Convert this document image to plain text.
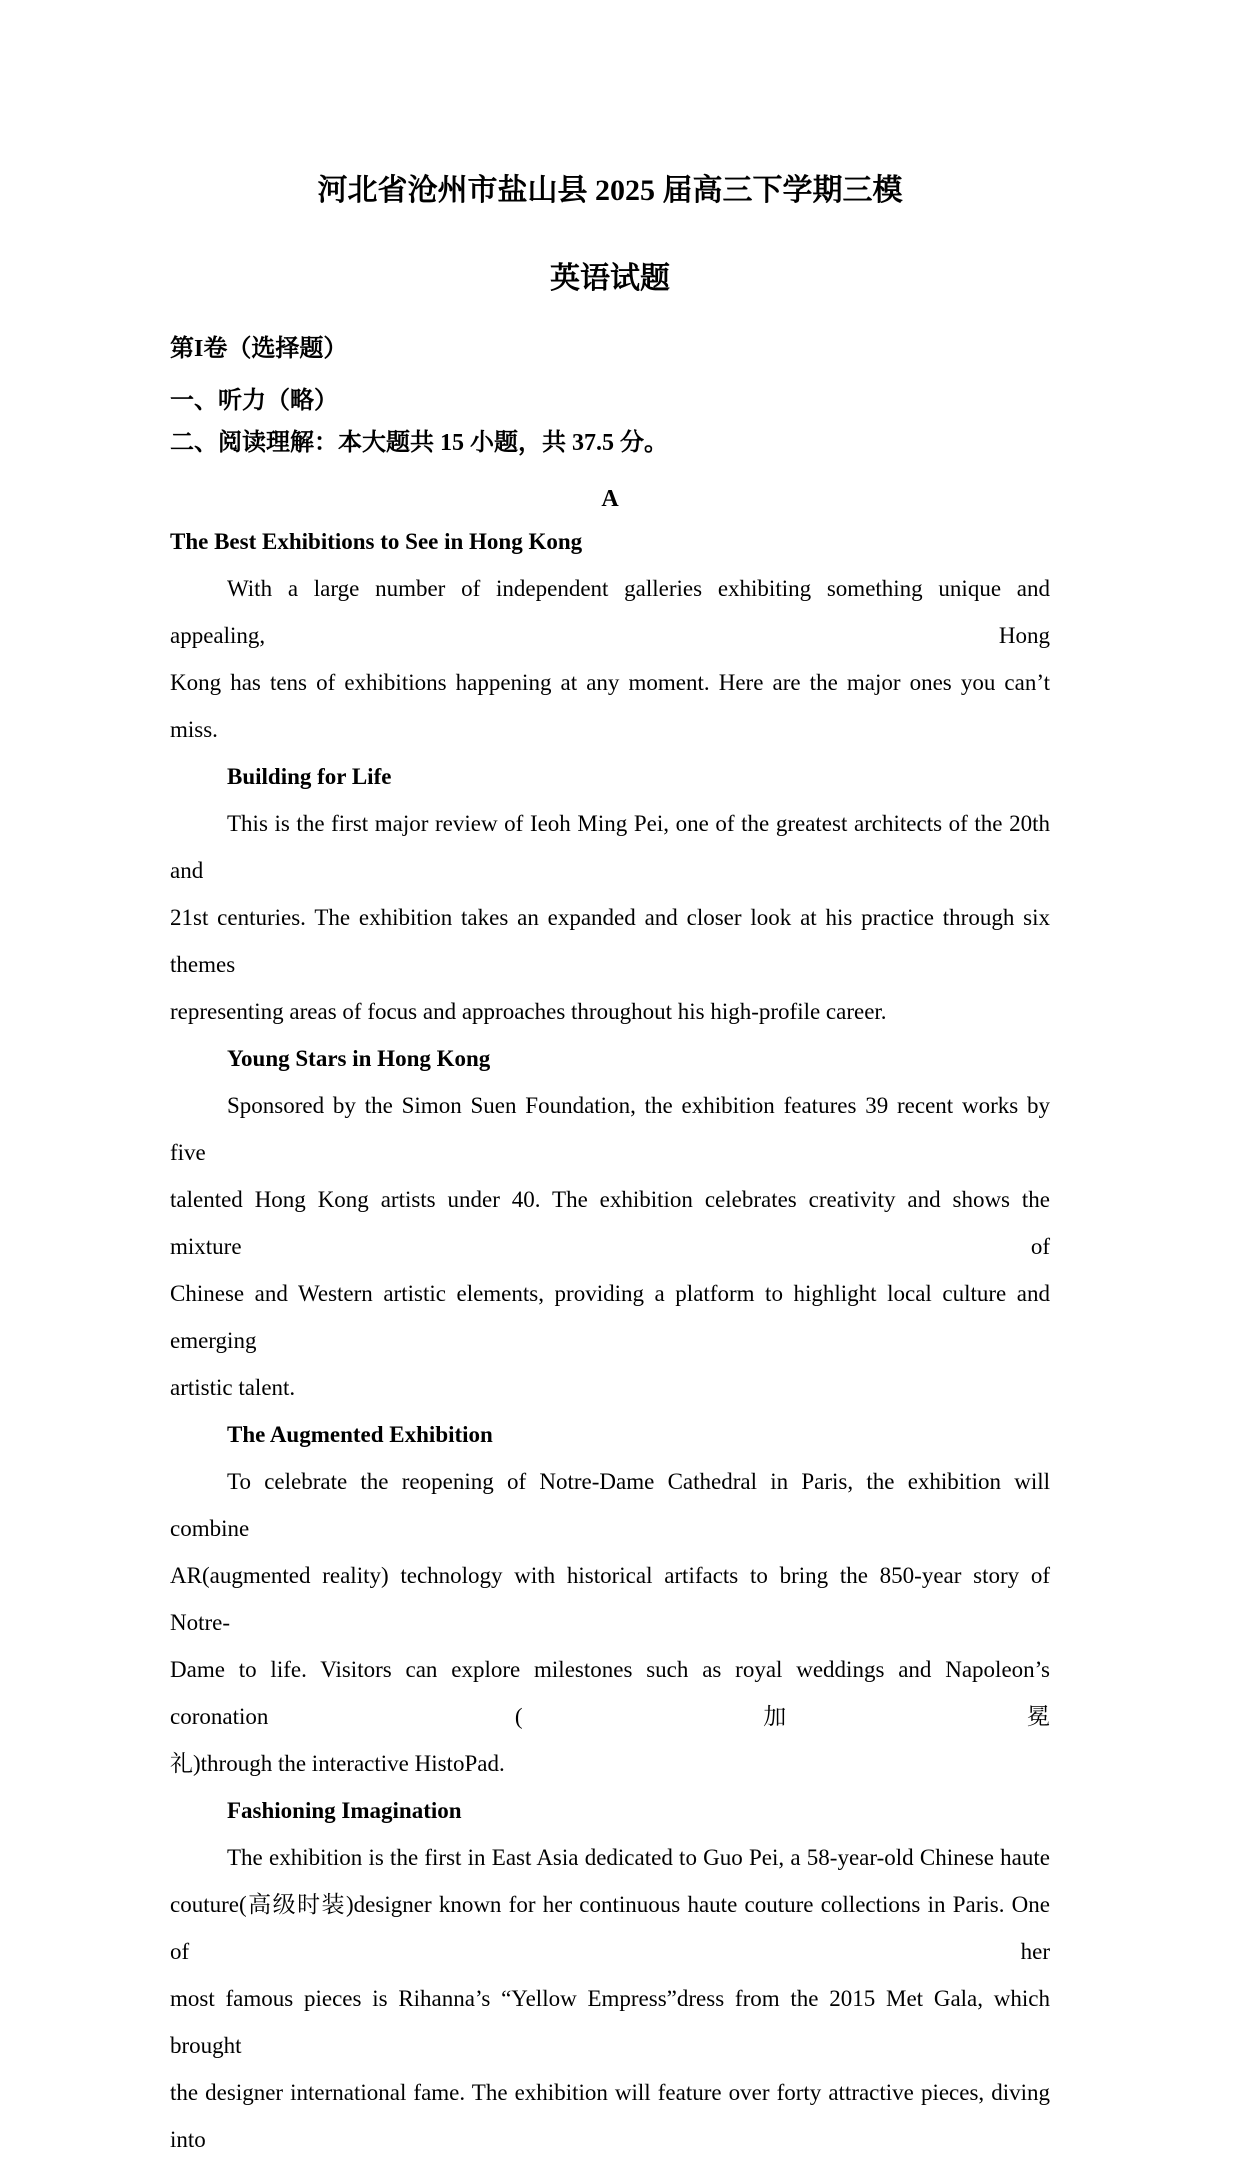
河北省沧州市盐山县 2025 届高三下学期三模
英语试题
第I卷（选择题）
一、听力（略）
二、阅读理解：本大题共 15 小题，共 37.5 分。
A
The Best Exhibitions to See in Hong Kong
With a large number of independent galleries exhibiting something unique and appealing, Hong
Kong has tens of exhibitions happening at any moment. Here are the major ones you can’t miss.
Building for Life
This is the first major review of Ieoh Ming Pei, one of the greatest architects of the 20th and
21st centuries. The exhibition takes an expanded and closer look at his practice through six themes
representing areas of focus and approaches throughout his high-profile career.
Young Stars in Hong Kong
Sponsored by the Simon Suen Foundation, the exhibition features 39 recent works by five
talented Hong Kong artists under 40. The exhibition celebrates creativity and shows the mixture of
Chinese and Western artistic elements, providing a platform to highlight local culture and emerging
artistic talent.
The Augmented Exhibition
To celebrate the reopening of Notre-Dame Cathedral in Paris, the exhibition will combine
AR(augmented reality) technology with historical artifacts to bring the 850-year story of Notre-
Dame to life. Visitors can explore milestones such as royal weddings and Napoleon’s coronation (加冕
礼)through the interactive HistoPad.
Fashioning Imagination
The exhibition is the first in East Asia dedicated to Guo Pei, a 58-year-old Chinese haute
couture(高级时装)designer known for her continuous haute couture collections in Paris. One of her
most famous pieces is Rihanna’s “Yellow Empress”dress from the 2015 Met Gala, which brought
the designer international fame. The exhibition will feature over forty attractive pieces, diving into
